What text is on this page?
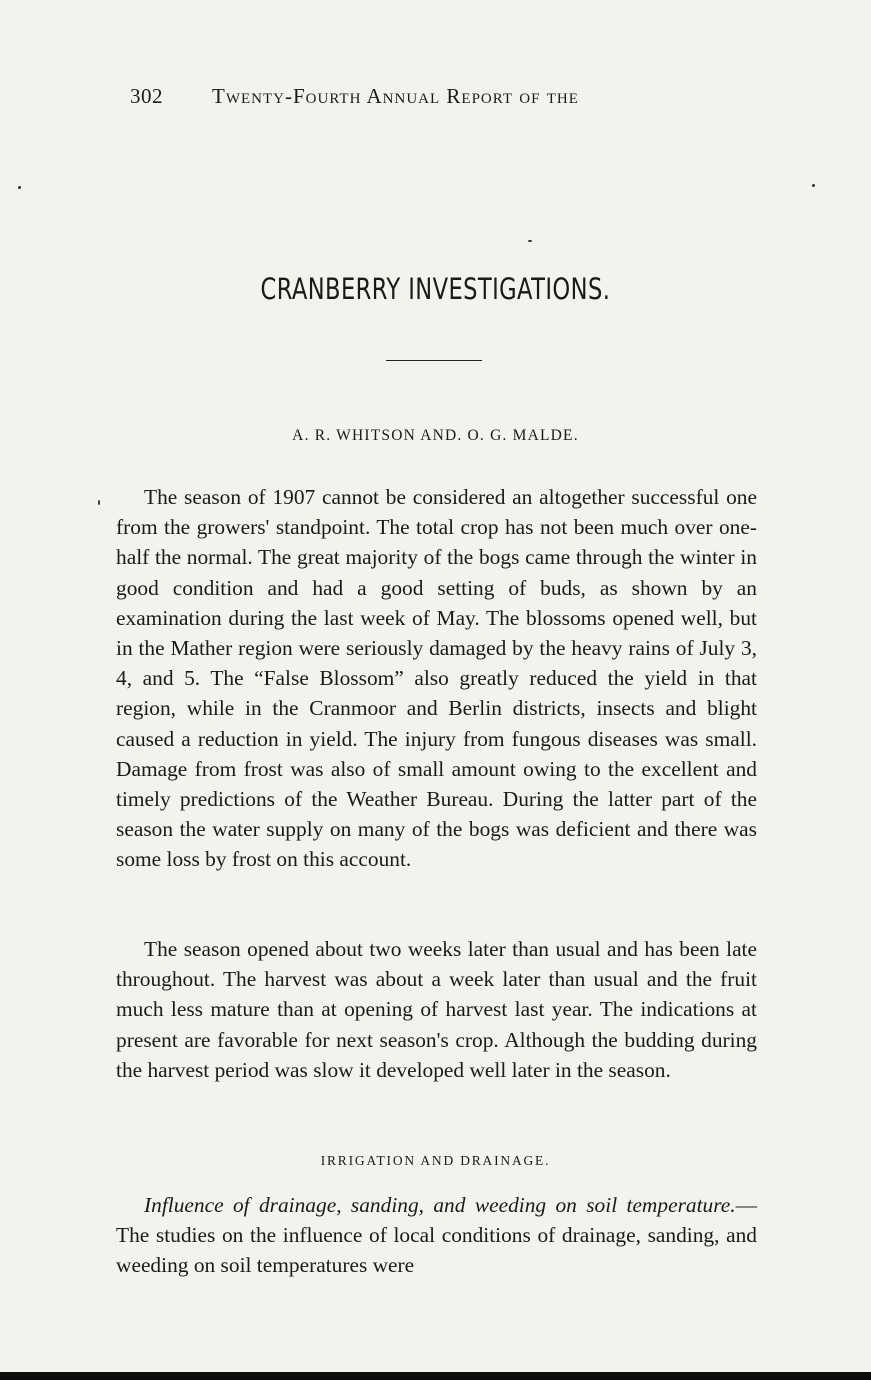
302 Twenty-Fourth Annual Report of the
CRANBERRY INVESTIGATIONS.
A. R. WHITSON AND. O. G. MALDE.

The season of 1907 cannot be considered an altogether successful one from the growers' standpoint. The total crop has not been much over one-half the normal. The great majority of the bogs came through the winter in good condition and had a good setting of buds, as shown by an examination during the last week of May. The blossoms opened well, but in the Mather region were seriously damaged by the heavy rains of July 3, 4, and 5. The “False Blossom” also greatly reduced the yield in that region, while in the Cranmoor and Berlin districts, insects and blight caused a reduction in yield. The injury from fungous diseases was small. Damage from frost was also of small amount owing to the excellent and timely predictions of the Weather Bureau. During the latter part of the season the water supply on many of the bogs was deficient and there was some loss by frost on this account.

The season opened about two weeks later than usual and has been late throughout. The harvest was about a week later than usual and the fruit much less mature than at opening of harvest last year. The indications at present are favorable for next season's crop. Although the budding during the harvest period was slow it developed well later in the season.

IRRIGATION AND DRAINAGE.

Influence of drainage, sanding, and weeding on soil temperature.—The studies on the influence of local conditions of drainage, sanding, and weeding on soil temperatures were
